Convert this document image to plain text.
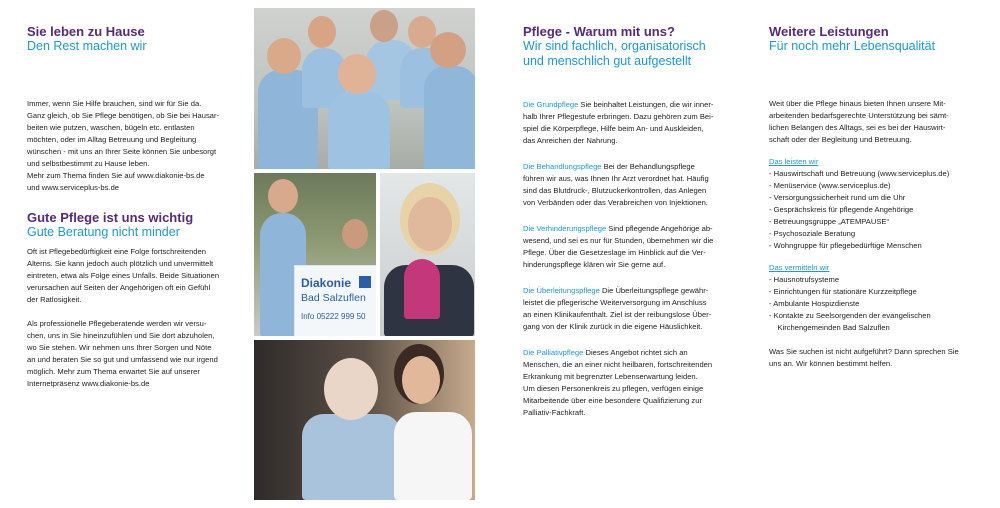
Sie leben zu Hause
Den Rest machen wir

Immer, wenn Sie Hilfe brauchen, sind wir für Sie da.

Ganz gleich, ob Sie Pflege benötigen, ob Sie bei Hausar-

beiten wie putzen, waschen, bügeln etc. entlasten

möchten, oder im Alltag Betreuung und Begleitung

wünschen - mit uns an Ihrer Seite können Sie unbesorgt

und selbstbestimmt zu Hause leben.

Mehr zum Thema finden Sie auf www.diakonie-bs.de

und www.serviceplus-bs.de

Gute Pflege ist uns wichtig
Gute Beratung nicht minder

Oft ist Pflegebedürftigkeit eine Folge fortschreitenden

Alterns. Sie kann jedoch auch plötzlich und unvermittelt

eintreten, etwa als Folge eines Unfalls. Beide Situationen

verursachen auf Seiten der Angehörigen oft ein Gefühl

der Ratlosigkeit.

Als professionelle Pflegeberatende werden wir versu-

chen, uns in Sie hineinzufühlen und Sie dort abzuholen,

wo Sie stehen. Wir nehmen uns Ihrer Sorgen und Nöte

an und beraten Sie so gut und umfassend wie nur irgend

möglich. Mehr zum Thema erwartet Sie auf unserer

Internetpräsenz www.diakonie-bs.de

Diakonie
Bad Salzuflen
Info 05222 999 50
Pflege - Warum mit uns?
Wir sind fachlich, organisatorisch
und menschlich gut aufgestellt

Die Grundpflege Sie beinhaltet Leistungen, die wir inner-

halb Ihrer Pflegestufe erbringen. Dazu gehören zum Bei-

spiel die Körperpflege, Hilfe beim An- und Auskleiden,

das Anreichen der Nahrung.

Die Behandlungspflege Bei der Behandlungspflege

führen wir aus, was Ihnen Ihr Arzt verordnet hat. Häufig

sind das Blutdruck-, Blutzuckerkontrollen, das Anlegen

von Verbänden oder das Verabreichen von Injektionen.

Die Verhinderungspflege Sind pflegende Angehörige ab-

wesend, und sei es nur für Stunden, übernehmen wir die

Pflege. Über die Gesetzeslage im Hinblick auf die Ver-

hinderungspflege klären wir Sie gerne auf.

Die Überleitungspflege Die Überleitungspflege gewähr-

leistet die pflegerische Weiterversorgung im Anschluss

an einen Klinikaufenthalt. Ziel ist der reibungslose Über-

gang von der Klinik zurück in die eigene Häuslichkeit.

Die Palliativpflege Dieses Angebot richtet sich an

Menschen, die an einer nicht heilbaren, fortschreitenden

Erkrankung mit begrenzter Lebenserwartung leiden.

Um diesen Personenkreis zu pflegen, verfügen einige

Mitarbeitende über eine besondere Qualifizierung zur

Palliativ-Fachkraft.

Weitere Leistungen
Für noch mehr Lebensqualität

Weit über die Pflege hinaus bieten Ihnen unsere Mit-

arbeitenden bedarfsgerechte Unterstützung bei sämt-

lichen Belangen des Alltags, sei es bei der Hauswirt-

schaft oder der Begleitung und Betreuung.

Das leisten wir
- Hauswirtschaft und Betreuung (www.serviceplus.de)
- Menüservice (www.serviceplus.de)
- Versorgungssicherheit rund um die Uhr
- Gesprächskreis für pflegende Angehörige
- Betreuungsgruppe „ATEMPAUSE“
- Psychosoziale Beratung
- Wohngruppe für pflegebedürftige Menschen
Das vermitteln wir
- Hausnotrufsysteme
- Einrichtungen für stationäre Kurzzeitpflege
- Ambulante Hospizdienste
- Kontakte zu Seelsorgenden der evangelischen
Kirchengemeinden Bad Salzuflen

Was Sie suchen ist nicht aufgeführt? Dann sprechen Sie

uns an. Wir können bestimmt helfen.
